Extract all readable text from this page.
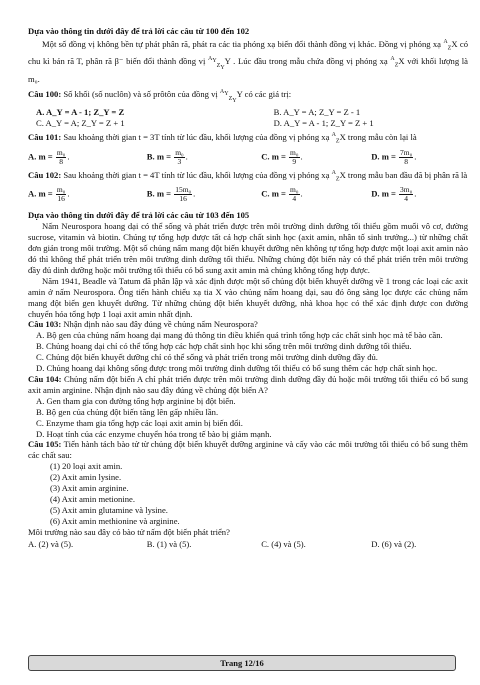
Dựa vào thông tin dưới đây để trả lời các câu từ 100 đến 102

Một số đồng vị không bền tự phát phân rã, phát ra các tia phóng xạ biến đổi thành đồng vị khác. Đồng vị phóng xạ $^A_Z$X có chu kì bán rã T, phân rã β⁻ biến đổi thành đồng vị $^{A_Y}_{Z_Y}$Y . Lúc đầu trong mẫu chứa đồng vị phóng xạ $^A_Z$X với khối lượng là m₀.

Câu 100: Số khối (số nuclôn) và số prôtôn của đồng vị $^{A_Y}_{Z_Y}$Y có các giá trị:

A. A_Y = A - 1; Z_Y = Z	B. A_Y = A; Z_Y = Z - 1
C. A_Y = A; Z_Y = Z + 1	D. A_Y = A - 1; Z_Y = Z + 1

Câu 101: Sau khoảng thời gian t = 3T tính từ lúc đầu, khối lượng của đồng vị phóng xạ $^A_Z$X trong mẫu còn lại là

A. $m = \frac{\text{m₀}}{8}$ .	B. $m = \frac{\text{m₀}}{3}$ .	C. $m = \frac{\text{m₀}}{9}$ .	D. $m = \frac{\text{7m₀}}{8}$ .

Câu 102: Sau khoảng thời gian t = 4T tính từ lúc đầu, khối lượng của đồng vị phóng xạ $^A_Z$X trong mẫu ban đầu đã bị phân rã là

A. $m = \frac{\text{m₀}}{16}$ .	B. $m = \frac{\text{15m₀}}{16}$ .	C. $m = \frac{\text{m₀}}{4}$ .	D. $m = \frac{\text{3m₀}}{4}$ .

Dựa vào thông tin dưới đây để trả lời các câu từ 103 đến 105

Nấm Neurospora hoang dại có thể sống và phát triển được trên môi trường dinh dưỡng tối thiểu gồm muối vô cơ, đường sucrose, vitamin và biotin. Chúng tự tổng hợp được tất cả hợp chất sinh học (axit amin, nhân tố sinh trưởng...) từ những chất đơn giản trong môi trường. Một số chủng nấm mang đột biến khuyết dưỡng nên không tự tổng hợp được một loại axit amin nào đó thì không thể phát triển trên môi trường dinh dưỡng tối thiểu. Những chủng đột biến này có thể phát triển trên môi trường đầy đủ dinh dưỡng hoặc môi trường tối thiểu có bổ sung axit amin mà chủng không tổng hợp được.

Năm 1941, Beadle và Tatum đã phân lập và xác định được một số chủng đột biến khuyết dưỡng về 1 trong các loại các axit amin ở nấm Neurospora. Ông tiến hành chiếu xạ tia X vào chủng nấm hoang dại, sau đó ông sàng lọc được các chủng nấm mang đột biến gen khuyết dưỡng. Từ những chủng đột biến khuyết dưỡng, nhà khoa học có thể xác định được con đường chuyển hóa tổng hợp 1 loại axit amin nhất định.

Câu 103: Nhận định nào sau đây đúng về chủng nấm Neurospora?

A. Bộ gen của chủng nấm hoang dại mang đủ thông tin điều khiển quá trình tổng hợp các chất sinh học mà tế bào cần.

B. Chủng hoang dại chỉ có thể tổng hợp các hợp chất sinh học khi sống trên môi trường dinh dưỡng tối thiểu.

C. Chủng đột biến khuyết dưỡng chỉ có thể sống và phát triển trong môi trường dinh dưỡng đầy đủ.

D. Chủng hoang dại không sống được trong môi trường dinh dưỡng tối thiểu có bổ sung thêm các hợp chất sinh học.

Câu 104: Chủng nấm đột biến A chỉ phát triển được trên môi trường dinh dưỡng đầy đủ hoặc môi trường tối thiểu có bổ sung axit amin arginine. Nhận định nào sau đây đúng về chủng đột biến A?

A. Gen tham gia con đường tổng hợp arginine bị đột biến.

B. Bộ gen của chủng đột biến tăng lên gấp nhiều lần.

C. Enzyme tham gia tổng hợp các loại axit amin bị biến đổi.

D. Hoạt tính của các enzyme chuyển hóa trong tế bào bị giảm mạnh.

Câu 105: Tiến hành tách bào tử từ chủng đột biến khuyết dưỡng arginine và cấy vào các môi trường tối thiểu có bổ sung thêm các chất sau:

(1) 20 loại axit amin.

(2) Axit amin lysine.

(3) Axit amin arginine.

(4) Axit amin metionine.

(5) Axit amin glutamine và lysine.

(6) Axit amin methionine và arginine.

Môi trường nào sau đây có bào tử nấm đột biến phát triển?

A. (2) và (5).	B. (1) và (5).	C. (4) và (5).	D. (6) và (2).
Trang 12/16
